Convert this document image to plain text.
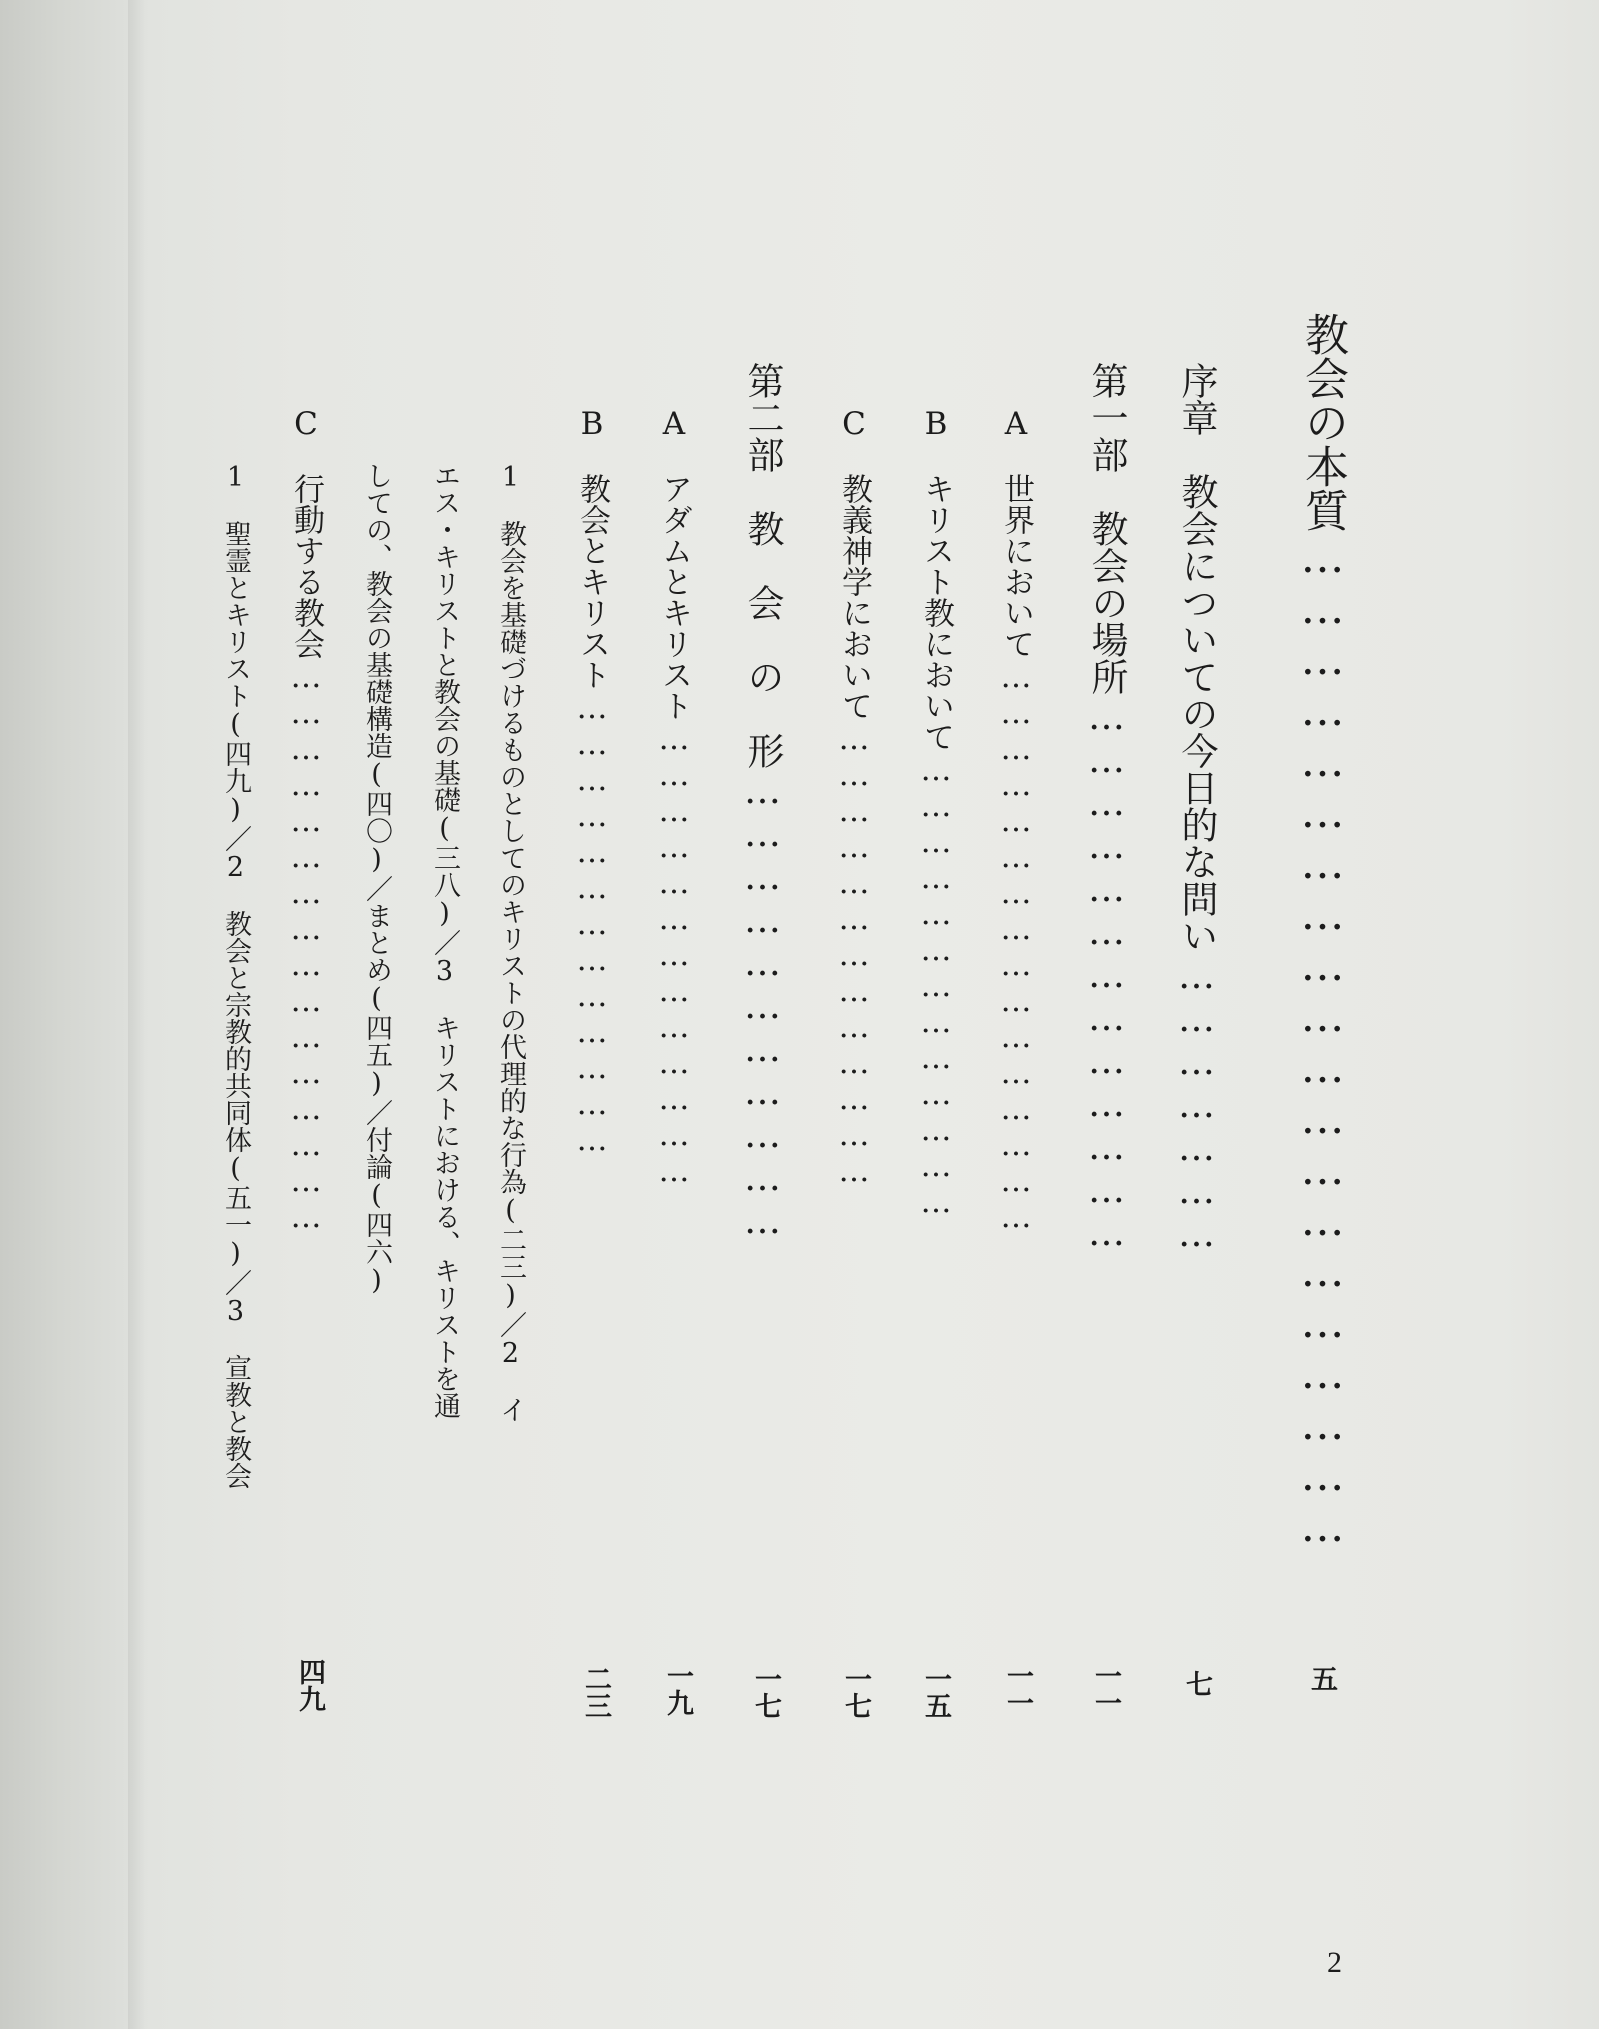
教会の本質……………………………………………………
五
序章　教会についての今日的な問い…………………
七
第一部　教会の場所…………………………………
一一
A　世界において…………………………………………
一一
B　キリスト教において…………………………………
一五
C　教義神学において…………………………………
一七
第二部　教　会　の　形……………………………
一七
A　アダムとキリスト…………………………………
一九
B　教会とキリスト…………………………………
二三
1　教会を基礎づけるものとしてのキリストの代理的な行為(二三)／2　イ
エス・キリストと教会の基礎(三八)／3　キリストにおける、キリストを通
しての、教会の基礎構造(四〇)／まとめ(四五)／付論(四六)
C　行動する教会…………………………………………
四九
1　聖霊とキリスト(四九)／2　教会と宗教的共同体(五一)／3　宣教と教会
2
